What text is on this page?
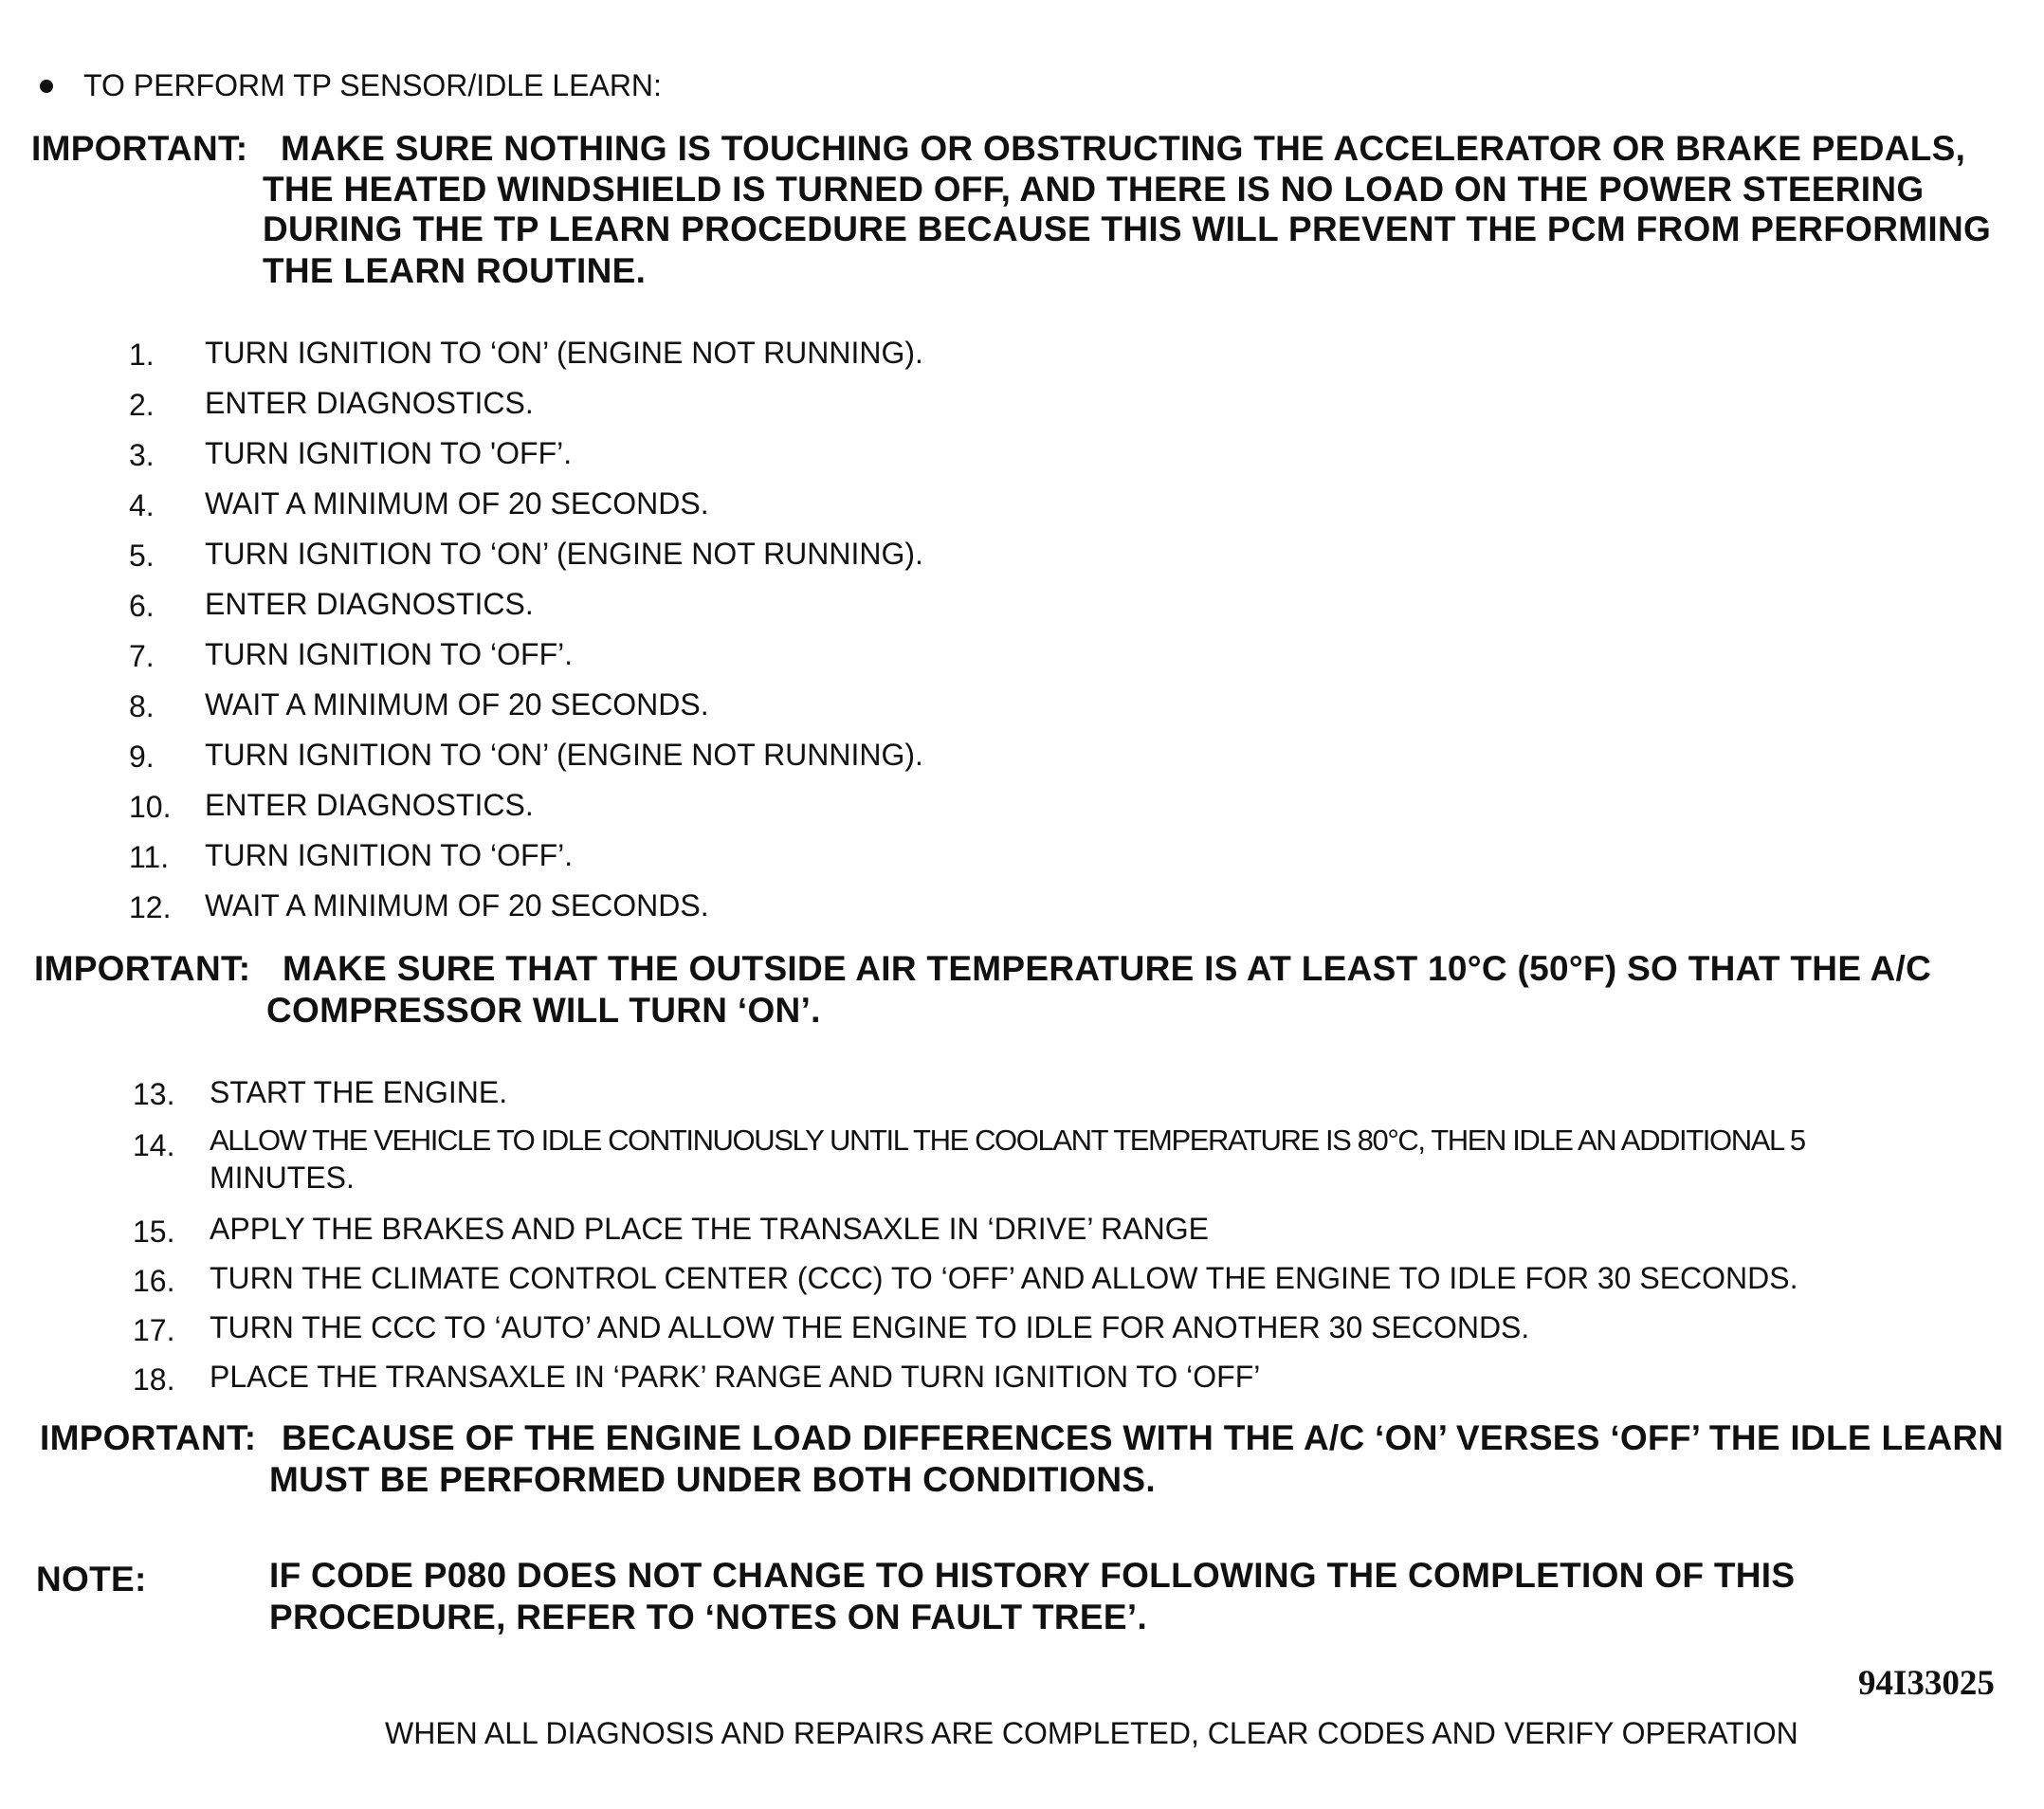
TO PERFORM TP SENSOR/IDLE LEARN:
IMPORTANT: MAKE SURE NOTHING IS TOUCHING OR OBSTRUCTING THE ACCELERATOR OR BRAKE PEDALS,
THE HEATED WINDSHIELD IS TURNED OFF, AND THERE IS NO LOAD ON THE POWER STEERING
DURING THE TP LEARN PROCEDURE BECAUSE THIS WILL PREVENT THE PCM FROM PERFORMING
THE LEARN ROUTINE.
1. TURN IGNITION TO ‘ON’ (ENGINE NOT RUNNING).
2. ENTER DIAGNOSTICS.
3. TURN IGNITION TO 'OFF’.
4. WAIT A MINIMUM OF 20 SECONDS.
5. TURN IGNITION TO ‘ON’ (ENGINE NOT RUNNING).
6. ENTER DIAGNOSTICS.
7. TURN IGNITION TO ‘OFF’.
8. WAIT A MINIMUM OF 20 SECONDS.
9. TURN IGNITION TO ‘ON’ (ENGINE NOT RUNNING).
10. ENTER DIAGNOSTICS.
11. TURN IGNITION TO ‘OFF’.
12. WAIT A MINIMUM OF 20 SECONDS.
IMPORTANT: MAKE SURE THAT THE OUTSIDE AIR TEMPERATURE IS AT LEAST 10°C (50°F) SO THAT THE A/C
COMPRESSOR WILL TURN ‘ON’.
13. START THE ENGINE.
14. ALLOW THE VEHICLE TO IDLE CONTINUOUSLY UNTIL THE COOLANT TEMPERATURE IS 80°C, THEN IDLE AN ADDITIONAL 5
MINUTES.
15. APPLY THE BRAKES AND PLACE THE TRANSAXLE IN ‘DRIVE’ RANGE
16. TURN THE CLIMATE CONTROL CENTER (CCC) TO ‘OFF’ AND ALLOW THE ENGINE TO IDLE FOR 30 SECONDS.
17. TURN THE CCC TO ‘AUTO’ AND ALLOW THE ENGINE TO IDLE FOR ANOTHER 30 SECONDS.
18. PLACE THE TRANSAXLE IN ‘PARK’ RANGE AND TURN IGNITION TO ‘OFF’
IMPORTANT: BECAUSE OF THE ENGINE LOAD DIFFERENCES WITH THE A/C ‘ON’ VERSES ‘OFF’ THE IDLE LEARN
MUST BE PERFORMED UNDER BOTH CONDITIONS.
NOTE:	IF CODE P080 DOES NOT CHANGE TO HISTORY FOLLOWING THE COMPLETION OF THIS
PROCEDURE, REFER TO ‘NOTES ON FAULT TREE’.
94I33025
WHEN ALL DIAGNOSIS AND REPAIRS ARE COMPLETED, CLEAR CODES AND VERIFY OPERATION
